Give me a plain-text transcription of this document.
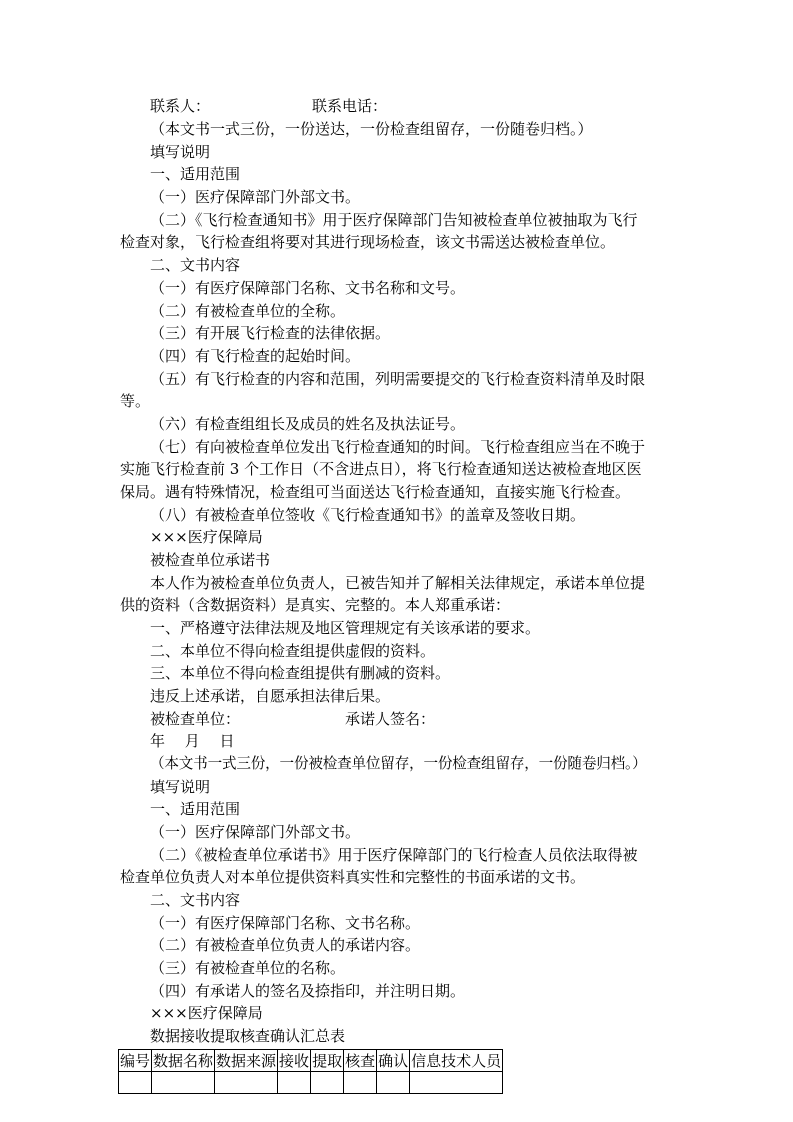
联系人：	联系电话：
（本文书一式三份，一份送达，一份检查组留存，一份随卷归档。）
填写说明
一、适用范围
（一）医疗保障部门外部文书。
（二）《飞行检查通知书》用于医疗保障部门告知被检查单位被抽取为飞行
检查对象，飞行检查组将要对其进行现场检查，该文书需送达被检查单位。
二、文书内容
（一）有医疗保障部门名称、文书名称和文号。
（二）有被检查单位的全称。
（三）有开展飞行检查的法律依据。
（四）有飞行检查的起始时间。
（五）有飞行检查的内容和范围，列明需要提交的飞行检查资料清单及时限
等。
（六）有检查组组长及成员的姓名及执法证号。
（七）有向被检查单位发出飞行检查通知的时间。飞行检查组应当在不晚于
实施飞行检查前 3 个工作日（不含进点日），将飞行检查通知送达被检查地区医
保局。遇有特殊情况，检查组可当面送达飞行检查通知，直接实施飞行检查。
（八）有被检查单位签收《飞行检查通知书》的盖章及签收日期。
×××医疗保障局
被检查单位承诺书
本人作为被检查单位负责人，已被告知并了解相关法律规定，承诺本单位提
供的资料（含数据资料）是真实、完整的。本人郑重承诺：
一、严格遵守法律法规及地区管理规定有关该承诺的要求。
二、本单位不得向检查组提供虚假的资料。
三、本单位不得向检查组提供有删减的资料。
违反上述承诺，自愿承担法律后果。
被检查单位：	承诺人签名：
年　 月　 日
（本文书一式三份，一份被检查单位留存，一份检查组留存，一份随卷归档。）
填写说明
一、适用范围
（一）医疗保障部门外部文书。
（二）《被检查单位承诺书》用于医疗保障部门的飞行检查人员依法取得被
检查单位负责人对本单位提供资料真实性和完整性的书面承诺的文书。
二、文书内容
（一）有医疗保障部门名称、文书名称。
（二）有被检查单位负责人的承诺内容。
（三）有被检查单位的名称。
（四）有承诺人的签名及捺指印，并注明日期。
×××医疗保障局
数据接收提取核查确认汇总表
编号	数据名称	数据来源	接收	提取	核查	确认	信息技术人员
